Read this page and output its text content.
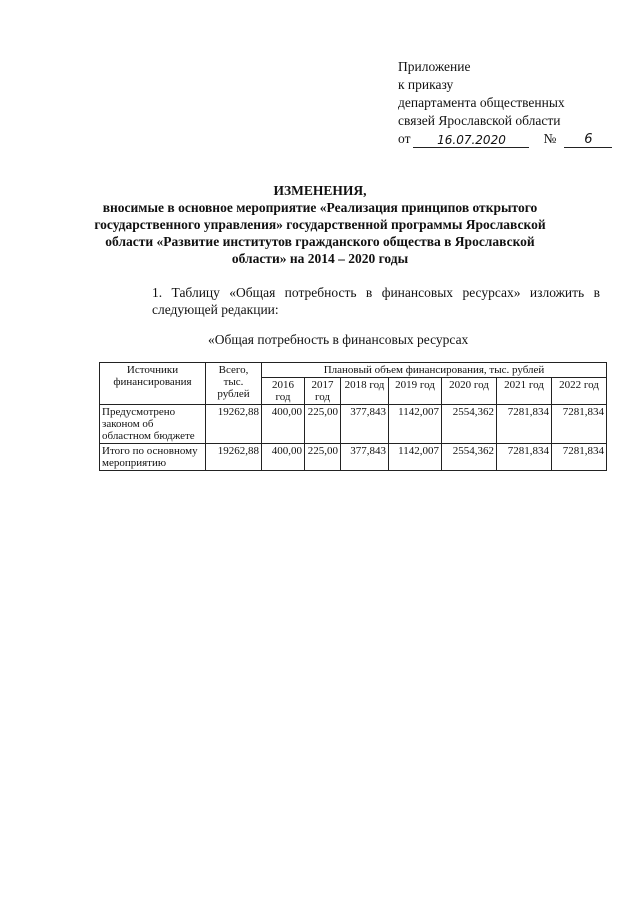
Приложение
к приказу
департамента общественных
связей Ярославской области
от	16.07.2020	№	6
ИЗМЕНЕНИЯ,
вносимые в основное мероприятие «Реализация принципов открытого государственного управления» государственной программы Ярославской области «Развитие институтов гражданского общества в Ярославской области» на 2014 – 2020 годы
1. Таблицу «Общая потребность в финансовых ресурсах» изложить в следующей редакции:
«Общая потребность в финансовых ресурсах
Источники финансирования	Всего, тыс. рублей	Плановый объем финансирования, тыс. рублей						
		2016 год	2017 год	2018 год	2019 год	2020 год	2021 год	2022 год
Предусмотрено законом об областном бюджете	19262,88	400,00	225,00	377,843	1142,007	2554,362	7281,834	7281,834
Итого по основному мероприятию	19262,88	400,00	225,00	377,843	1142,007	2554,362	7281,834	7281,834
